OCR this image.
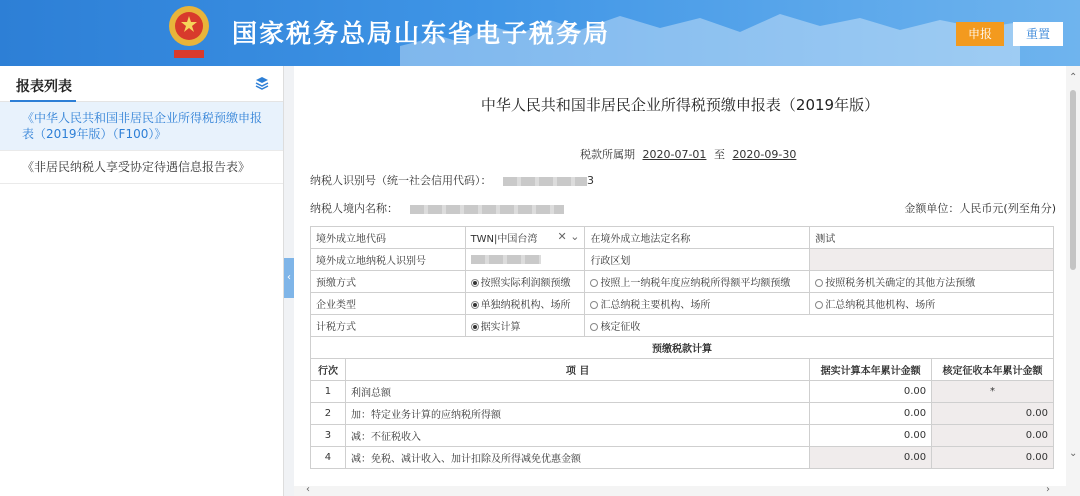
国家税务总局山东省电子税务局	申报	重置
报表列表
《中华人民共和国非居民企业所得税预缴申报表（2019年版）（F100）》
《非居民纳税人享受协定待遇信息报告表》
‹
中华人民共和国非居民企业所得税预缴申报表（2019年版）
税款所属期 2020-07-01 至 2020-09-30
纳税人识别号（统一社会信用代码）：	3
纳税人境内名称：	金额单位：人民币元(列至角分)
境外成立地代码		TWN|中国台湾 ✕ ⌄	在境外成立地法定名称	测试	
境外成立地纳税人识别号			行政区划		
预缴方式		按照实际利润额预缴	按照上一纳税年度应纳税所得额平均额预缴	按照税务机关确定的其他方法预缴	
企业类型		单独纳税机构、场所	汇总纳税主要机构、场所	汇总纳税其他机构、场所	
计税方式		据实计算	核定征收		
预缴税款计算					
行次	项 目			据实计算本年累计金额	核定征收本年累计金额
1	利润总额			0.00	*
2	加：特定业务计算的应纳税所得额			0.00	0.00
3	减：不征税收入			0.00	0.00
4	减：免税、减计收入、加计扣除及所得减免优惠金额			0.00	0.00
⌃
⌄
‹	›
